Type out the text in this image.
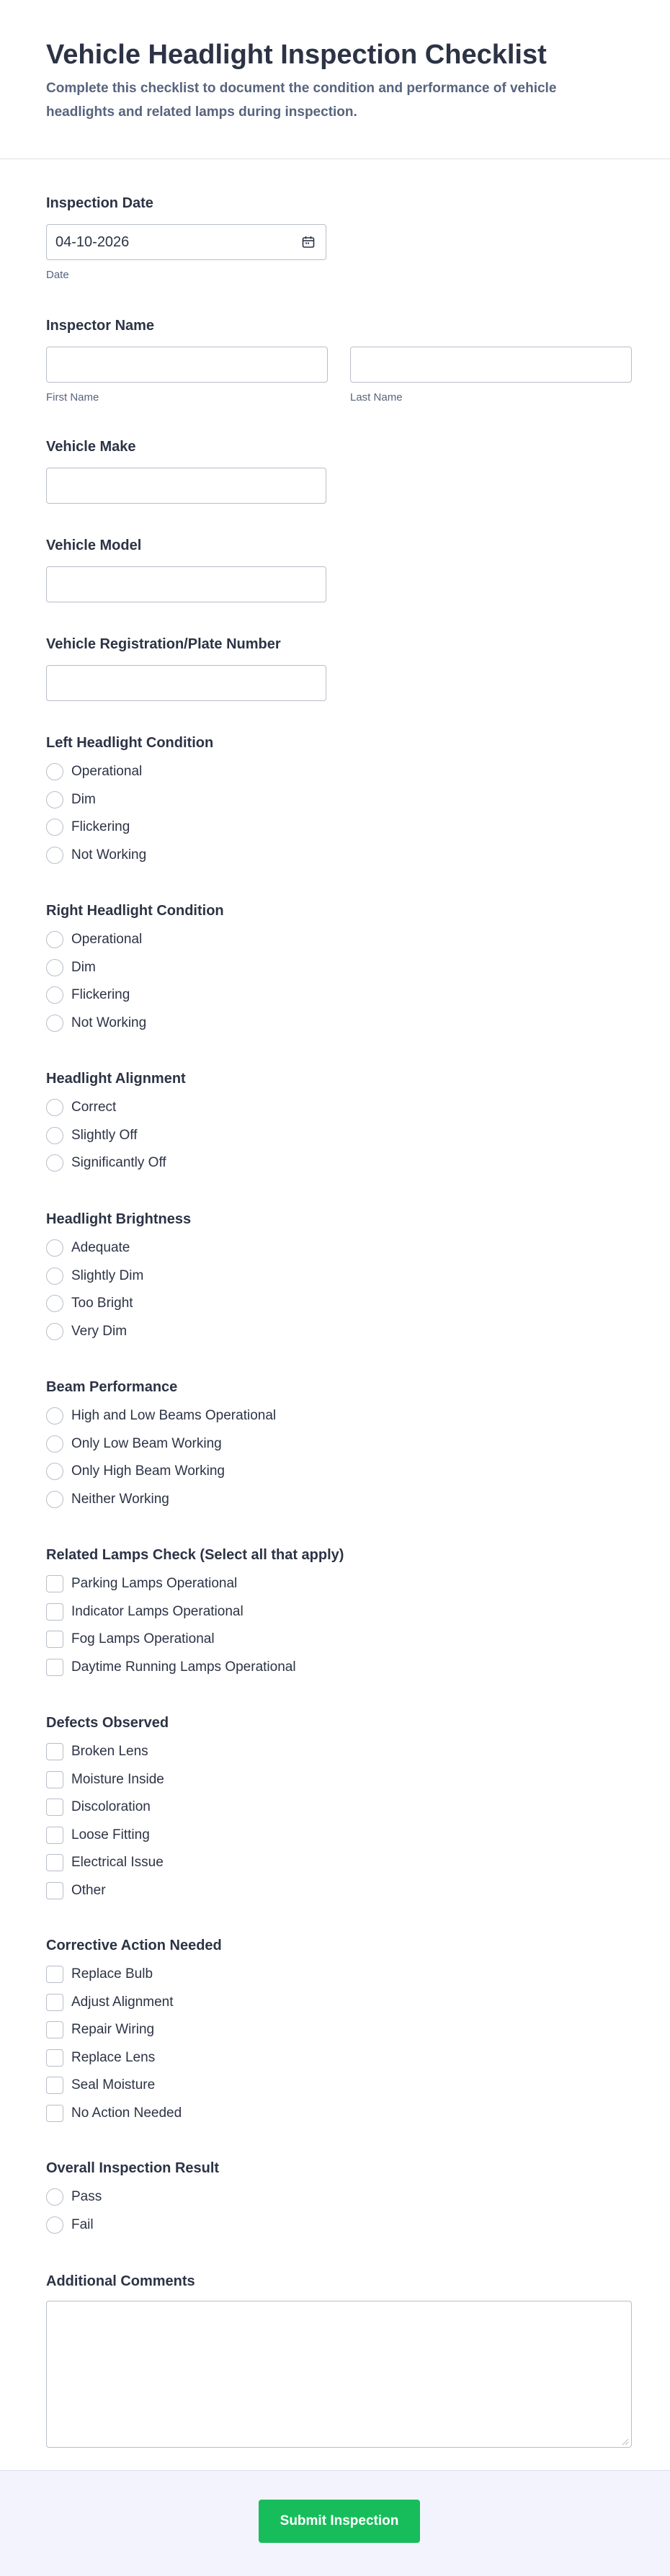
Vehicle Headlight Inspection Checklist

Complete this checklist to document the condition and performance of vehicle headlights and related lamps during inspection.

Inspection Date
04-10-2026
Date
Inspector Name
First Name	Last Name
Vehicle Make
Vehicle Model
Vehicle Registration/Plate Number
Left Headlight Condition
Operational
Dim
Flickering
Not Working
Right Headlight Condition
Operational
Dim
Flickering
Not Working
Headlight Alignment
Correct
Slightly Off
Significantly Off
Headlight Brightness
Adequate
Slightly Dim
Too Bright
Very Dim
Beam Performance
High and Low Beams Operational
Only Low Beam Working
Only High Beam Working
Neither Working
Related Lamps Check (Select all that apply)
Parking Lamps Operational
Indicator Lamps Operational
Fog Lamps Operational
Daytime Running Lamps Operational
Defects Observed
Broken Lens
Moisture Inside
Discoloration
Loose Fitting
Electrical Issue
Other
Corrective Action Needed
Replace Bulb
Adjust Alignment
Repair Wiring
Replace Lens
Seal Moisture
No Action Needed
Overall Inspection Result
Pass
Fail
Additional Comments
Submit Inspection
